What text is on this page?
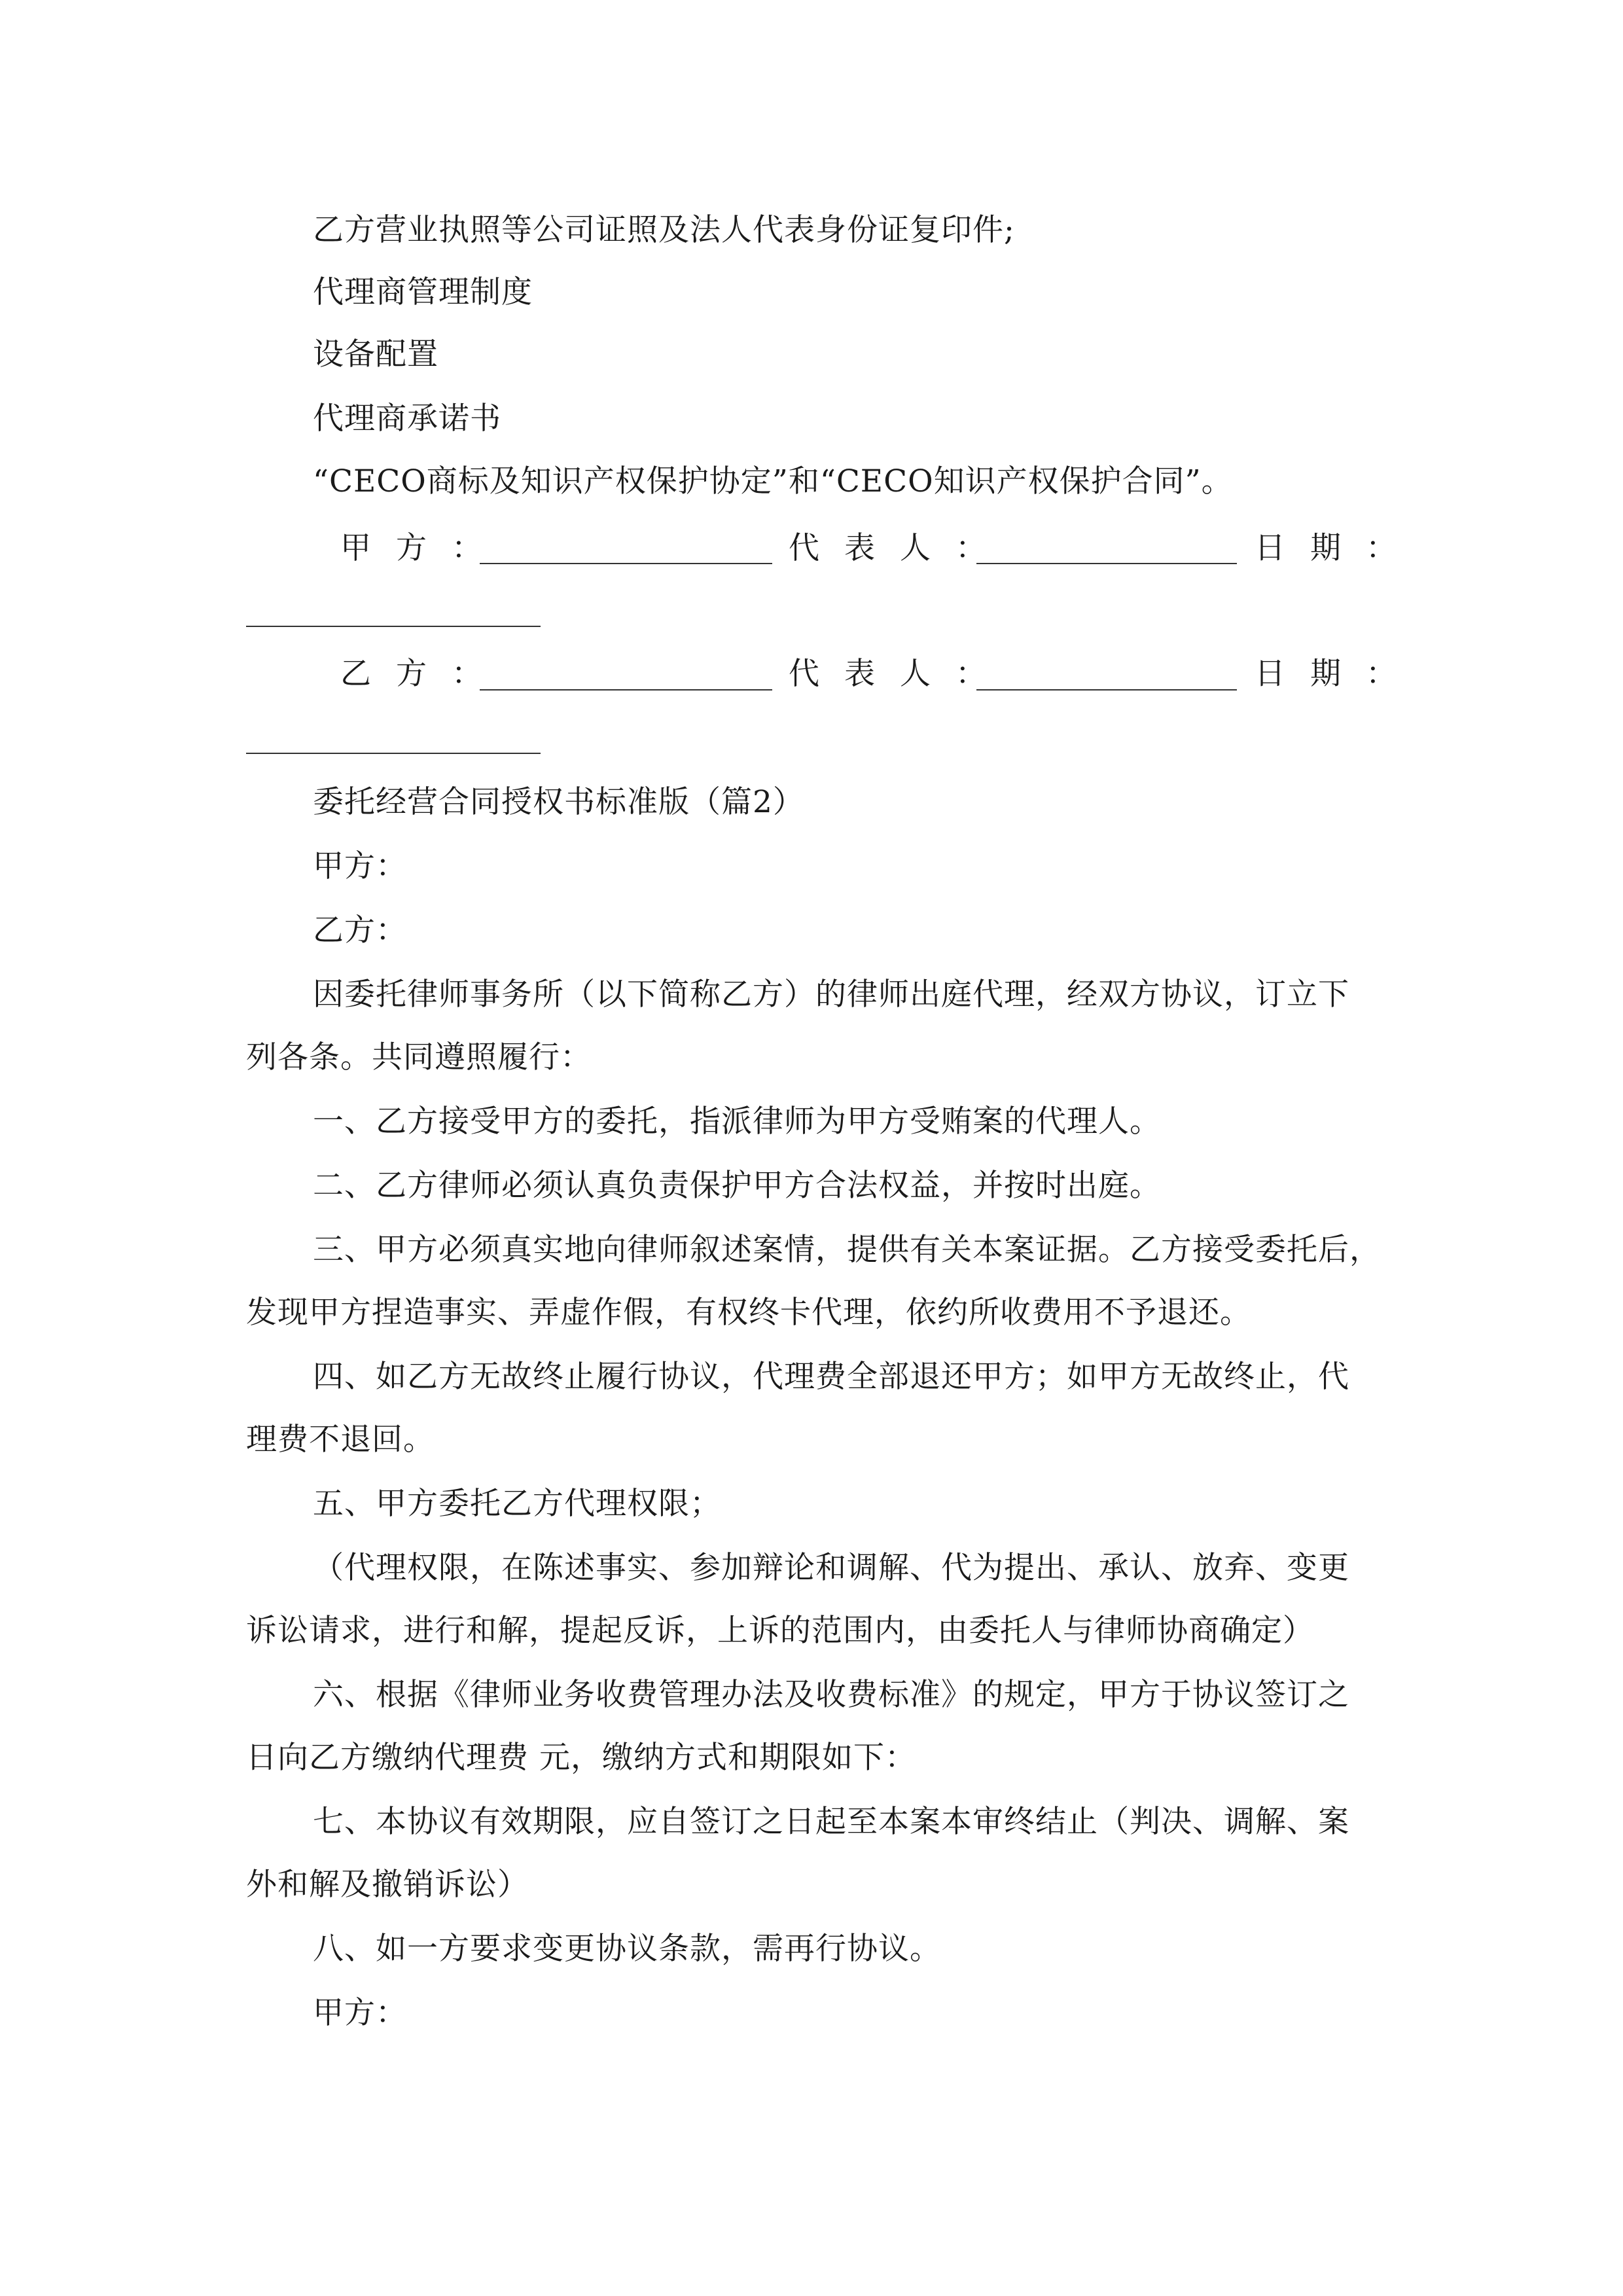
乙方营业执照等公司证照及法人代表身份证复印件;
代理商管理制度
设备配置
代理商承诺书
“CECO商标及知识产权保护协定”和“CECO知识产权保护合同”。
甲方：	代表人：	日期：
乙方：	代表人：	日期：
委托经营合同授权书标准版（篇2）
甲方：
乙方：
因委托律师事务所（以下简称乙方）的律师出庭代理，经双方协议，订立下
列各条。共同遵照履行：
一、乙方接受甲方的委托，指派律师为甲方受贿案的代理人。
二、乙方律师必须认真负责保护甲方合法权益，并按时出庭。
三、甲方必须真实地向律师叙述案情，提供有关本案证据。乙方接受委托后，
发现甲方捏造事实、弄虚作假，有权终卡代理，依约所收费用不予退还。
四、如乙方无故终止履行协议，代理费全部退还甲方；如甲方无故终止，代
理费不退回。
五、甲方委托乙方代理权限；
（代理权限，在陈述事实、参加辩论和调解、代为提出、承认、放弃、变更
诉讼请求，进行和解，提起反诉，上诉的范围内，由委托人与律师协商确定）
六、根据《律师业务收费管理办法及收费标准》的规定，甲方于协议签订之
日向乙方缴纳代理费 元，缴纳方式和期限如下：
七、本协议有效期限，应自签订之日起至本案本审终结止（判决、调解、案
外和解及撤销诉讼）
八、如一方要求变更协议条款，需再行协议。
甲方：
